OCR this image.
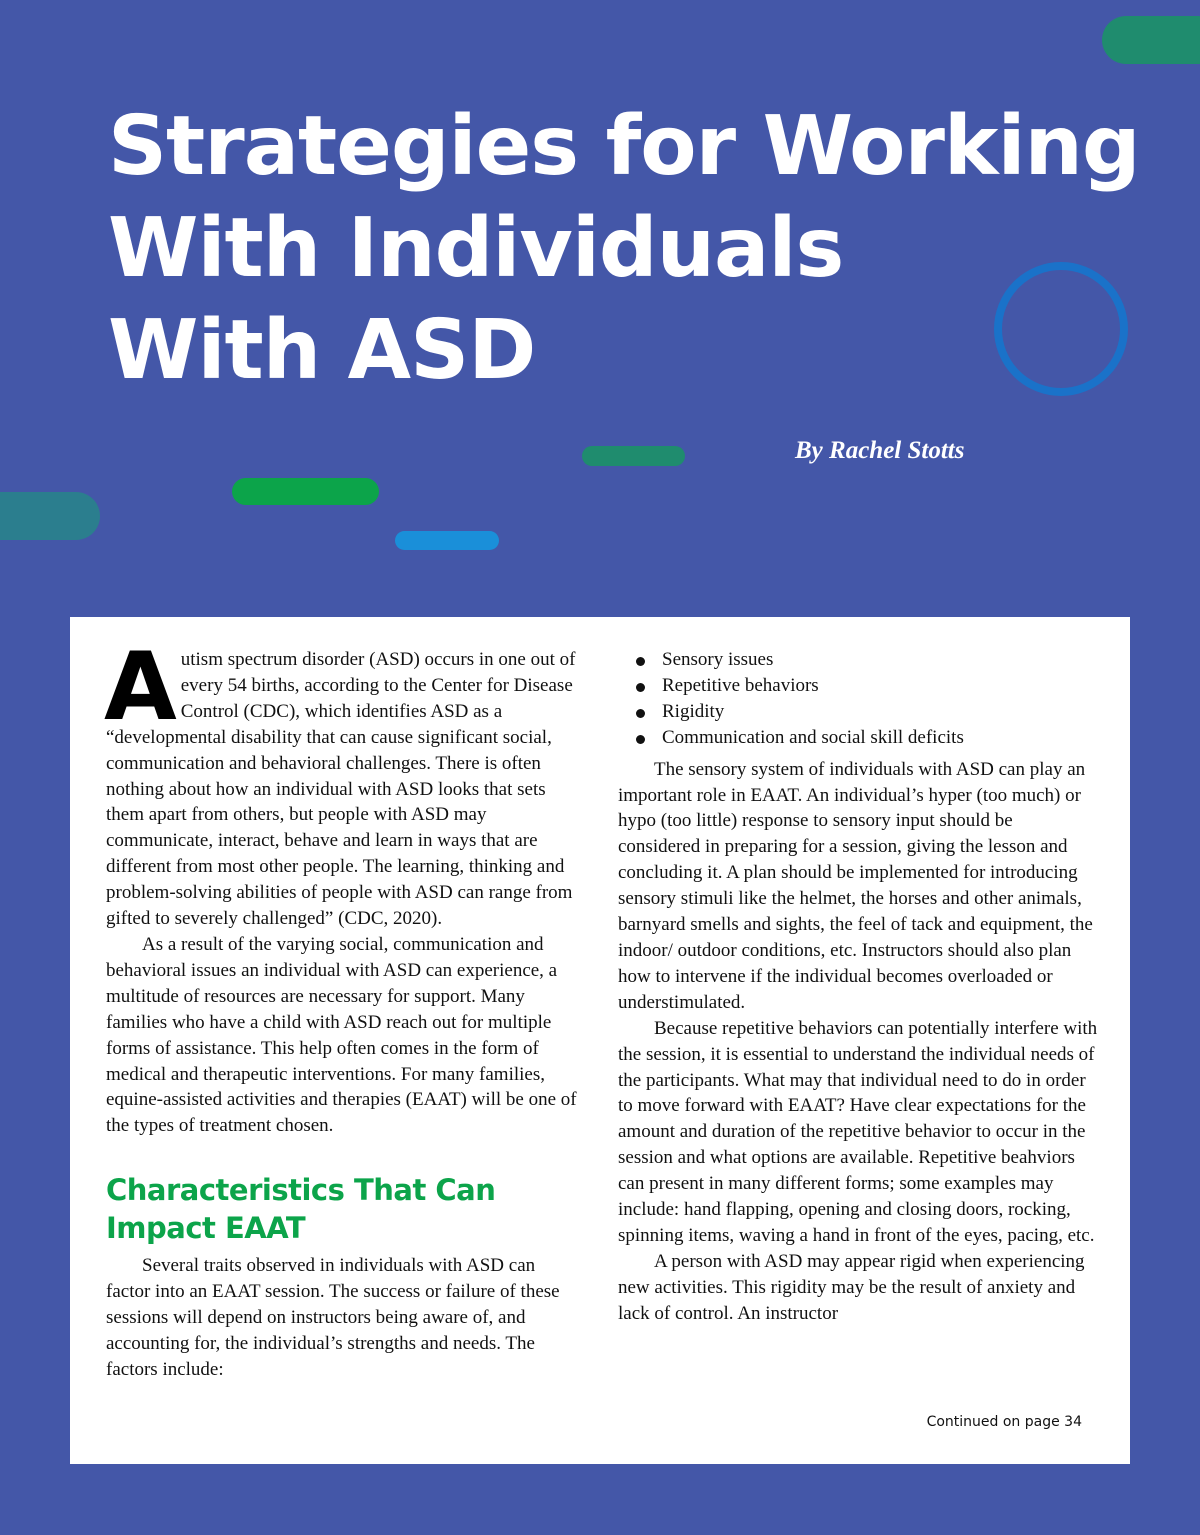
Strategies for Working
With Individuals
With ASD
By Rachel Stotts

Autism spectrum disorder (ASD) occurs in one out of every 54 births, according to the Center for Disease Control (CDC), which identifies ASD as a “developmental disability that can cause significant social, communication and behavioral challenges. There is often nothing about how an individual with ASD looks that sets them apart from others, but people with ASD may communicate, interact, behave and learn in ways that are different from most other people. The learning, thinking and problem-solving abilities of people with ASD can range from gifted to severely challenged” (CDC, 2020).

As a result of the varying social, communication and behavioral issues an individual with ASD can experience, a multitude of resources are necessary for support. Many families who have a child with ASD reach out for multiple forms of assistance. This help often comes in the form of medical and therapeutic interventions. For many families, equine-assisted activities and therapies (EAAT) will be one of the types of treatment chosen.

Characteristics That Can Impact EAAT

Several traits observed in individuals with ASD can factor into an EAAT session. The success or failure of these sessions will depend on instructors being aware of, and accounting for, the individual’s strengths and needs. The factors include:

Sensory issues
Repetitive behaviors
Rigidity
Communication and social skill deficits

The sensory system of individuals with ASD can play an important role in EAAT. An individual’s hyper (too much) or hypo (too little) response to sensory input should be considered in preparing for a session, giving the lesson and concluding it. A plan should be implemented for introducing sensory stimuli like the helmet, the horses and other animals, barnyard smells and sights, the feel of tack and equipment, the indoor/ outdoor conditions, etc. Instructors should also plan how to intervene if the individual becomes overloaded or understimulated.

Because repetitive behaviors can potentially interfere with the session, it is essential to understand the individual needs of the participants. What may that individual need to do in order to move forward with EAAT? Have clear expectations for the amount and duration of the repetitive behavior to occur in the session and what options are available. Repetitive beahviors can present in many different forms; some examples may include: hand flapping, opening and closing doors, rocking, spinning items, waving a hand in front of the eyes, pacing, etc.

A person with ASD may appear rigid when experiencing new activities. This rigidity may be the result of anxiety and lack of control. An instructor

Continued on page 34
